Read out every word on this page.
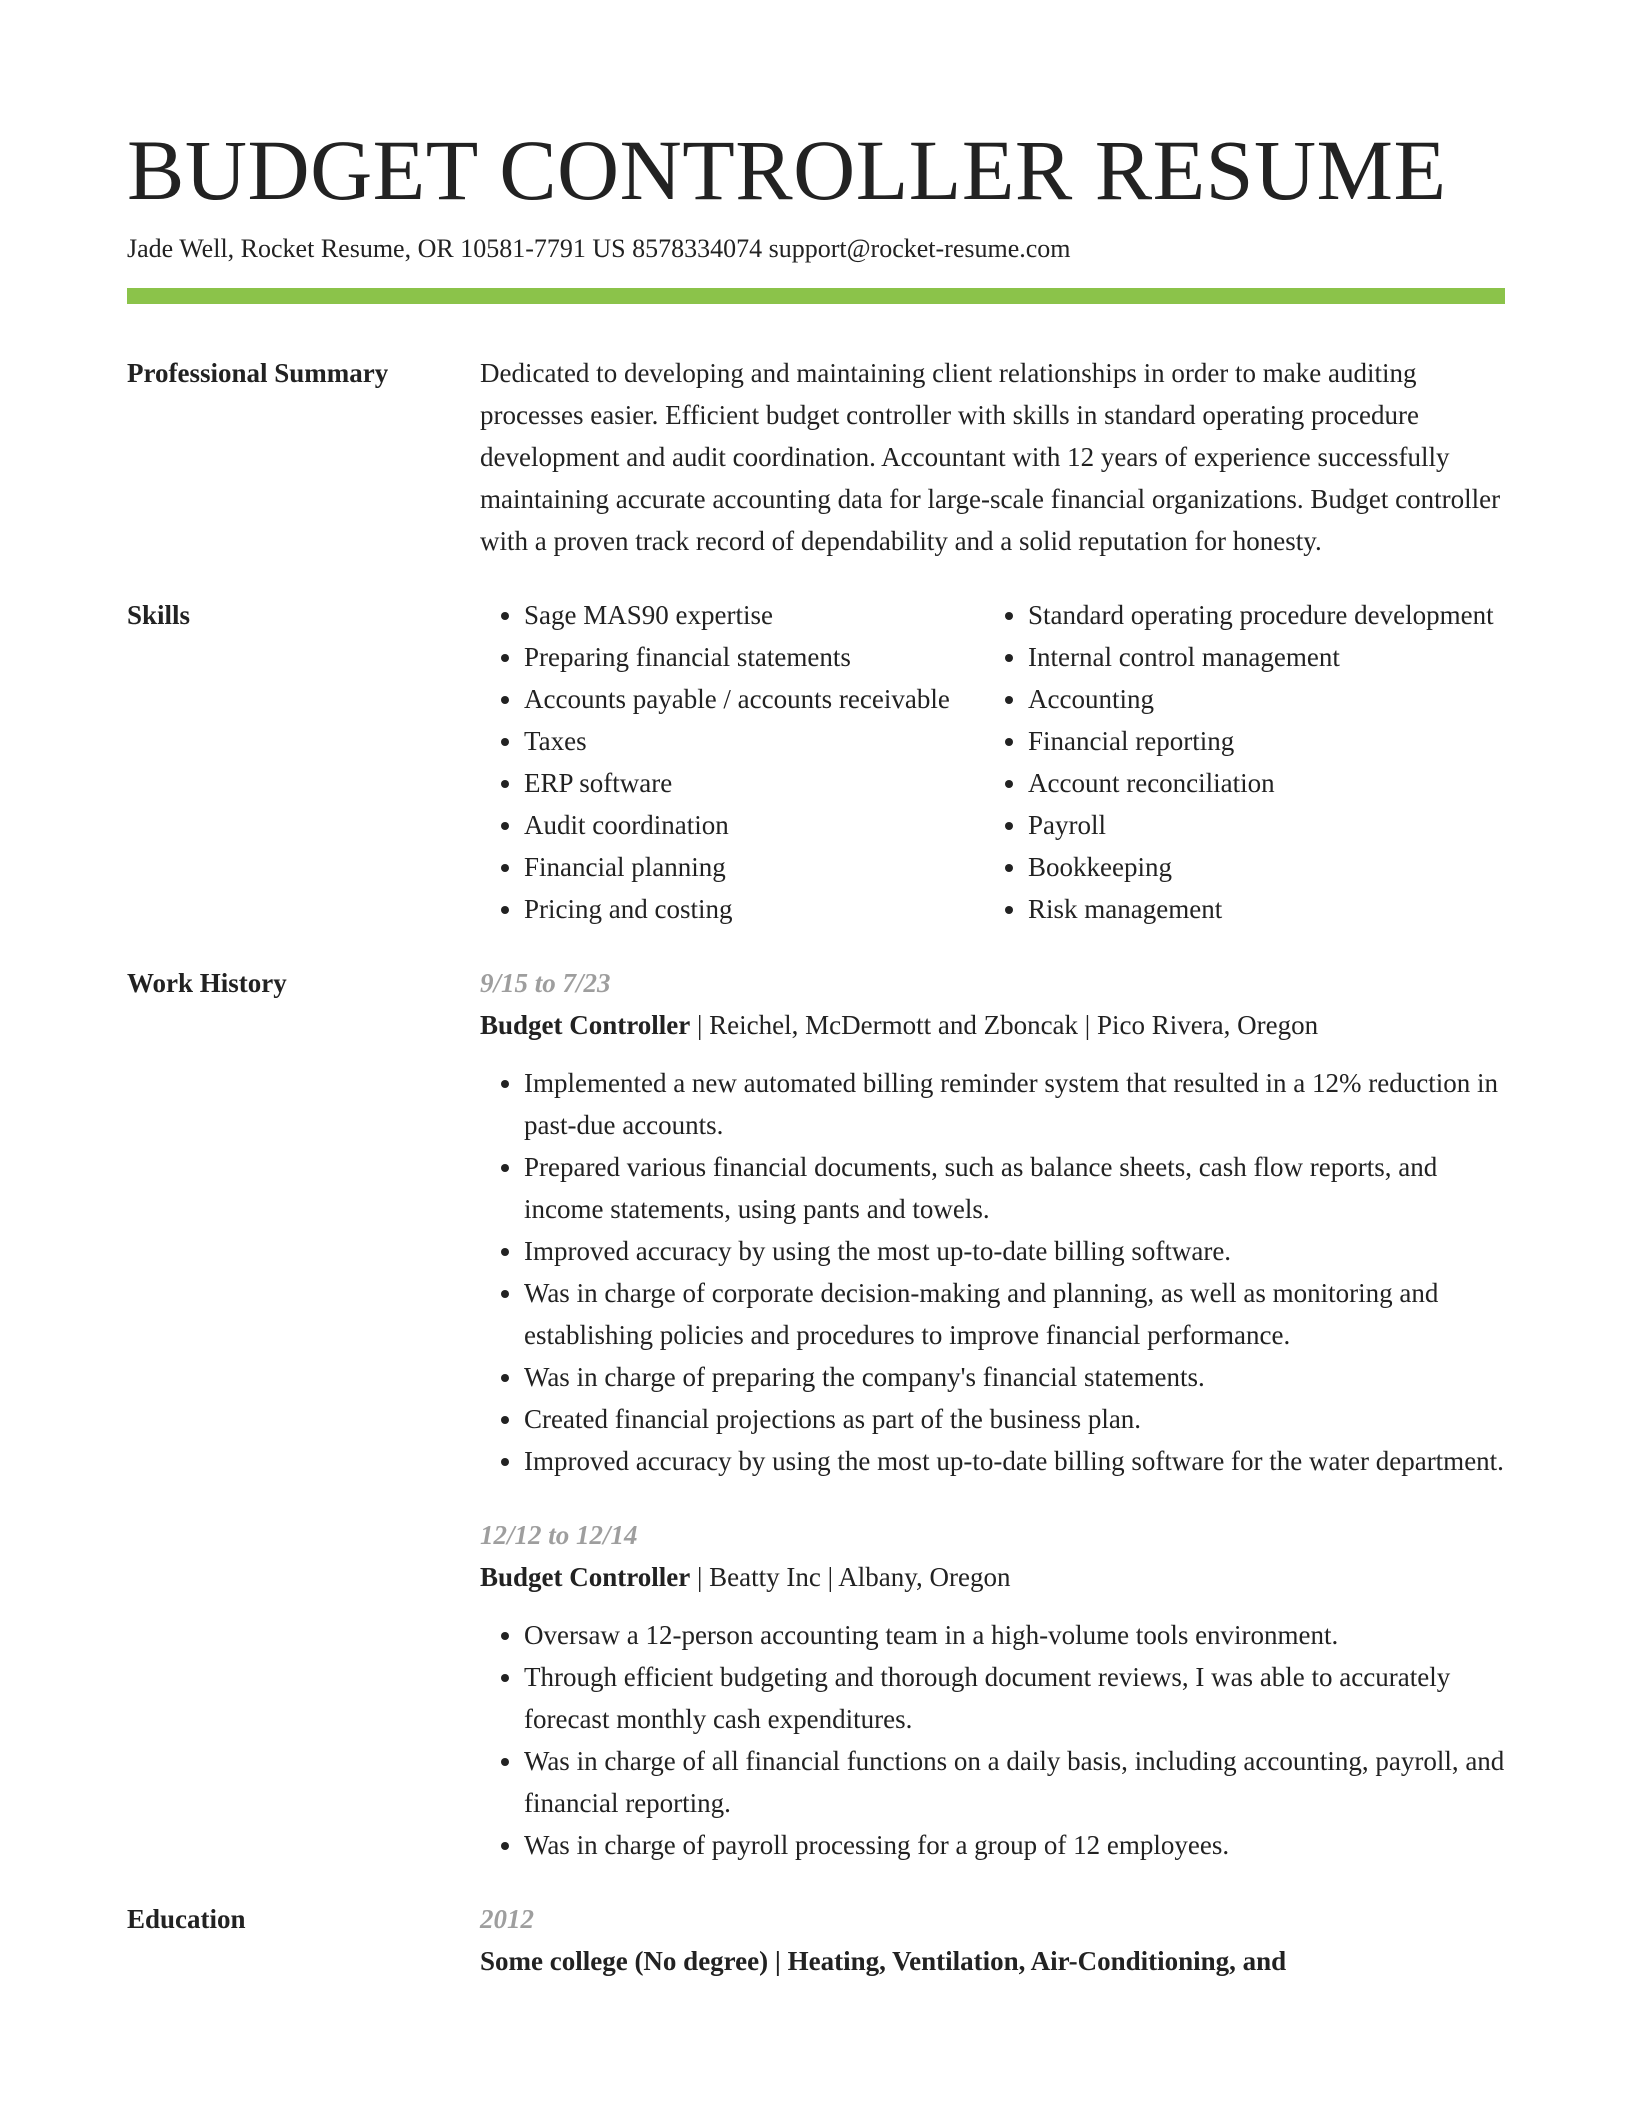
BUDGET CONTROLLER RESUME
Jade Well, Rocket Resume, OR 10581-7791 US 8578334074 support@rocket-resume.com
Professional Summary	Dedicated to developing and maintaining client relationships in order to make auditing processes easier. Efficient budget controller with skills in standard operating procedure development and audit coordination. Accountant with 12 years of experience successfully maintaining accurate accounting data for large-scale financial organizations. Budget controller with a proven track record of dependability and a solid reputation for honesty.
Skills
•	Sage MAS90 expertise
• Preparing financial statements
• Accounts payable / accounts receivable
• Taxes
• ERP software
• Audit coordination
• Financial planning
• Pricing and costing
• Standard operating procedure development
• Internal control management
• Accounting
• Financial reporting
• Account reconciliation
• Payroll
• Bookkeeping
• Risk management
Work History	9/15 to 7/23
Budget Controller | Reichel, McDermott and Zboncak | Pico Rivera, Oregon
• Implemented a new automated billing reminder system that resulted in a 12% reduction in past-due accounts.
• Prepared various financial documents, such as balance sheets, cash flow reports, and income statements, using pants and towels.
• Improved accuracy by using the most up-to-date billing software.
• Was in charge of corporate decision-making and planning, as well as monitoring and establishing policies and procedures to improve financial performance.
• Was in charge of preparing the company's financial statements.
• Created financial projections as part of the business plan.
• Improved accuracy by using the most up-to-date billing software for the water department.
12/12 to 12/14
Budget Controller | Beatty Inc | Albany, Oregon
• Oversaw a 12-person accounting team in a high-volume tools environment.
• Through efficient budgeting and thorough document reviews, I was able to accurately forecast monthly cash expenditures.
• Was in charge of all financial functions on a daily basis, including accounting, payroll, and financial reporting.
• Was in charge of payroll processing for a group of 12 employees.
Education	2012
Some college (No degree) | Heating, Ventilation, Air-Conditioning, and
